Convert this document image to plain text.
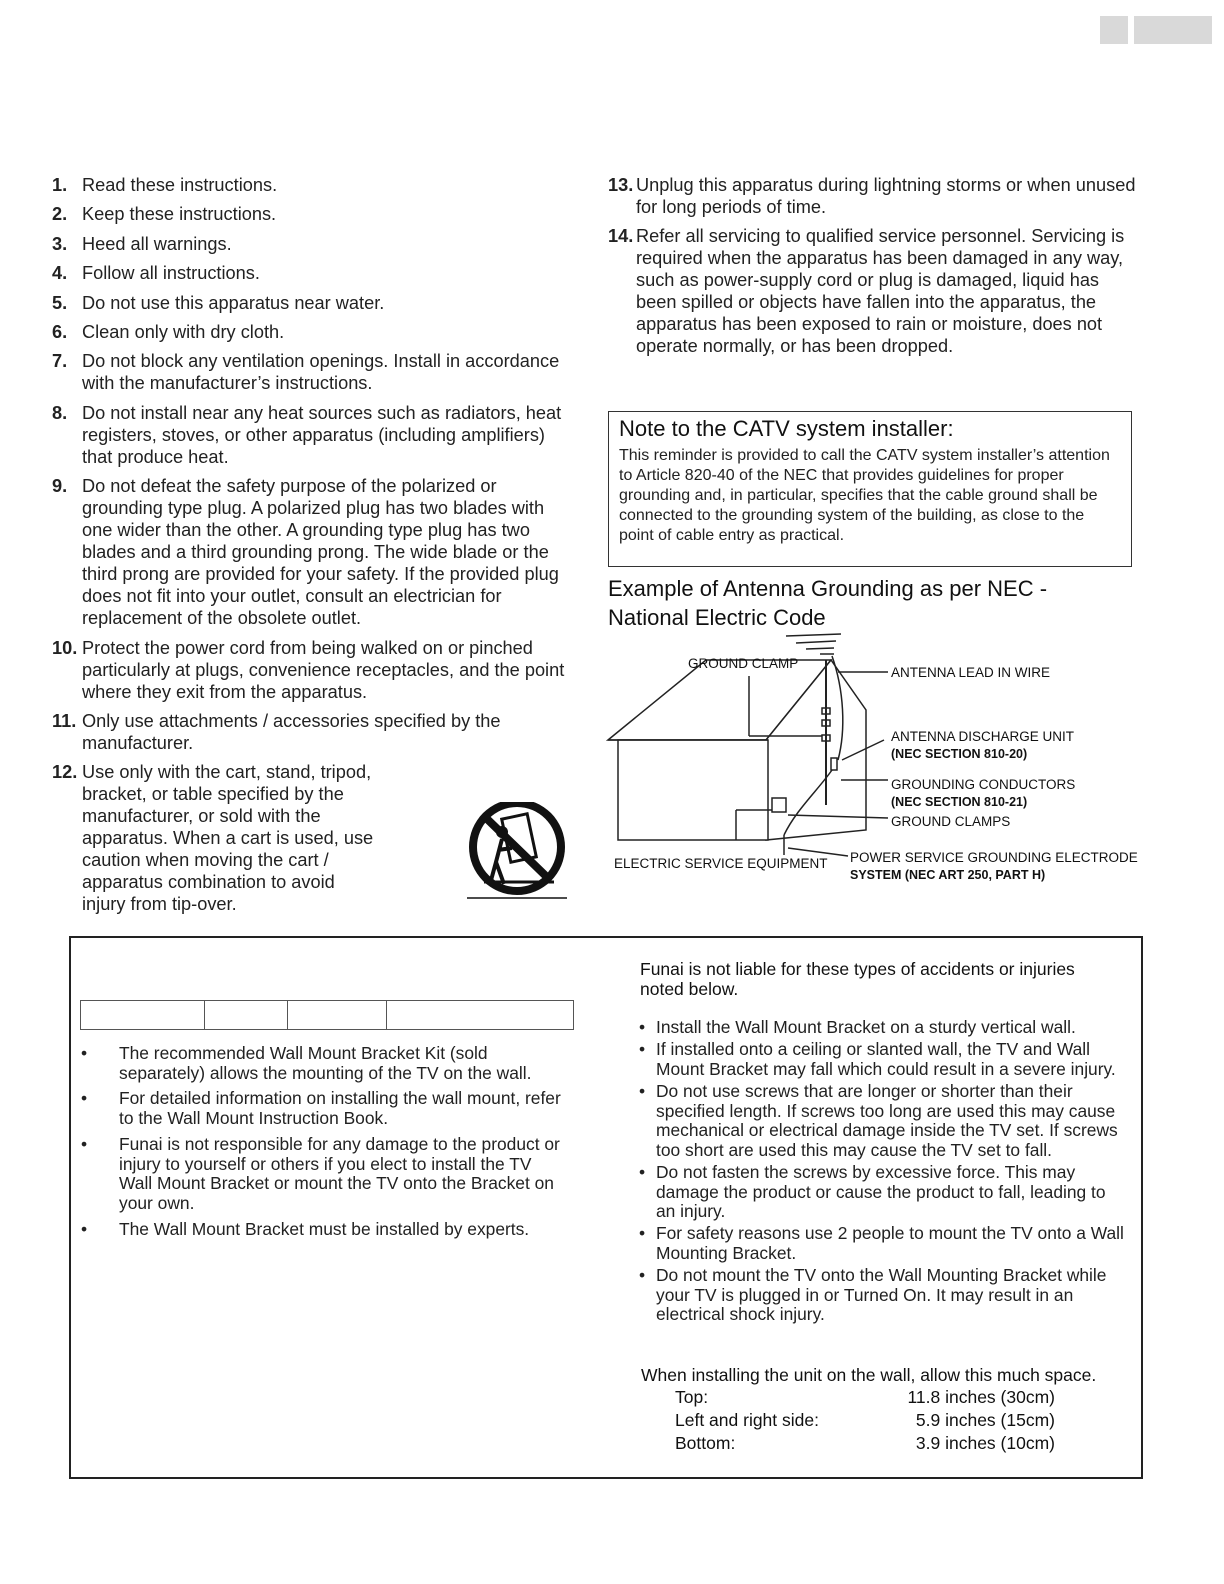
1. Read these instructions.
2. Keep these instructions.
3. Heed all warnings.
4. Follow all instructions.
5. Do not use this apparatus near water.
6. Clean only with dry cloth.
7. Do not block any ventilation openings. Install in accordance with the manufacturer’s instructions.
8. Do not install near any heat sources such as radiators, heat registers, stoves, or other apparatus (including amplifiers) that produce heat.
9. Do not defeat the safety purpose of the polarized or grounding type plug. A polarized plug has two blades with one wider than the other. A grounding type plug has two blades and a third grounding prong. The wide blade or the third prong are provided for your safety. If the provided plug does not fit into your outlet, consult an electrician for replacement of the obsolete outlet.
10. Protect the power cord from being walked on or pinched particularly at plugs, convenience receptacles, and the point where they exit from the apparatus.
11. Only use attachments / accessories specified by the manufacturer.
12. Use only with the cart, stand, tripod, bracket, or table specified by the manufacturer, or sold with the apparatus. When a cart is used, use caution when moving the cart / apparatus combination to avoid injury from tip-over.
13. Unplug this apparatus during lightning storms or when unused for long periods of time.
14. Refer all servicing to qualified service personnel. Servicing is required when the apparatus has been damaged in any way, such as power-supply cord or plug is damaged, liquid has been spilled or objects have fallen into the apparatus, the apparatus has been exposed to rain or moisture, does not operate normally, or has been dropped.
Note to the CATV system installer:

This reminder is provided to call the CATV system installer’s attention to Article 820-40 of the NEC that provides guidelines for proper grounding and, in particular, specifies that the cable ground shall be connected to the grounding system of the building, as close to the point of cable entry as practical.

Example of Antenna Grounding as per NEC -
National Electric Code
GROUND CLAMP
ANTENNA LEAD IN WIRE
ANTENNA DISCHARGE UNIT
(NEC SECTION 810-20)
GROUNDING CONDUCTORS
(NEC SECTION 810-21)
GROUND CLAMPS
ELECTRIC SERVICE EQUIPMENT POWER SERVICE GROUNDING ELECTRODE
SYSTEM (NEC ART 250, PART H)
• The recommended Wall Mount Bracket Kit (sold separately) allows the mounting of the TV on the wall.
• For detailed information on installing the wall mount, refer to the Wall Mount Instruction Book.
• Funai is not responsible for any damage to the product or injury to yourself or others if you elect to install the TV Wall Mount Bracket or mount the TV onto the Bracket on your own.
• The Wall Mount Bracket must be installed by experts.
Funai is not liable for these types of accidents or injuries noted below.
• Install the Wall Mount Bracket on a sturdy vertical wall.
• If installed onto a ceiling or slanted wall, the TV and Wall Mount Bracket may fall which could result in a severe injury.
• Do not use screws that are longer or shorter than their specified length. If screws too long are used this may cause mechanical or electrical damage inside the TV set. If screws too short are used this may cause the TV set to fall.
• Do not fasten the screws by excessive force. This may damage the product or cause the product to fall, leading to an injury.
• For safety reasons use 2 people to mount the TV onto a Wall Mounting Bracket.
• Do not mount the TV onto the Wall Mounting Bracket while your TV is plugged in or Turned On. It may result in an electrical shock injury.
When installing the unit on the wall, allow this much space.
Top:	11.8 inches (30cm)
Left and right side:	5.9 inches (15cm)
Bottom:	3.9 inches (10cm)
